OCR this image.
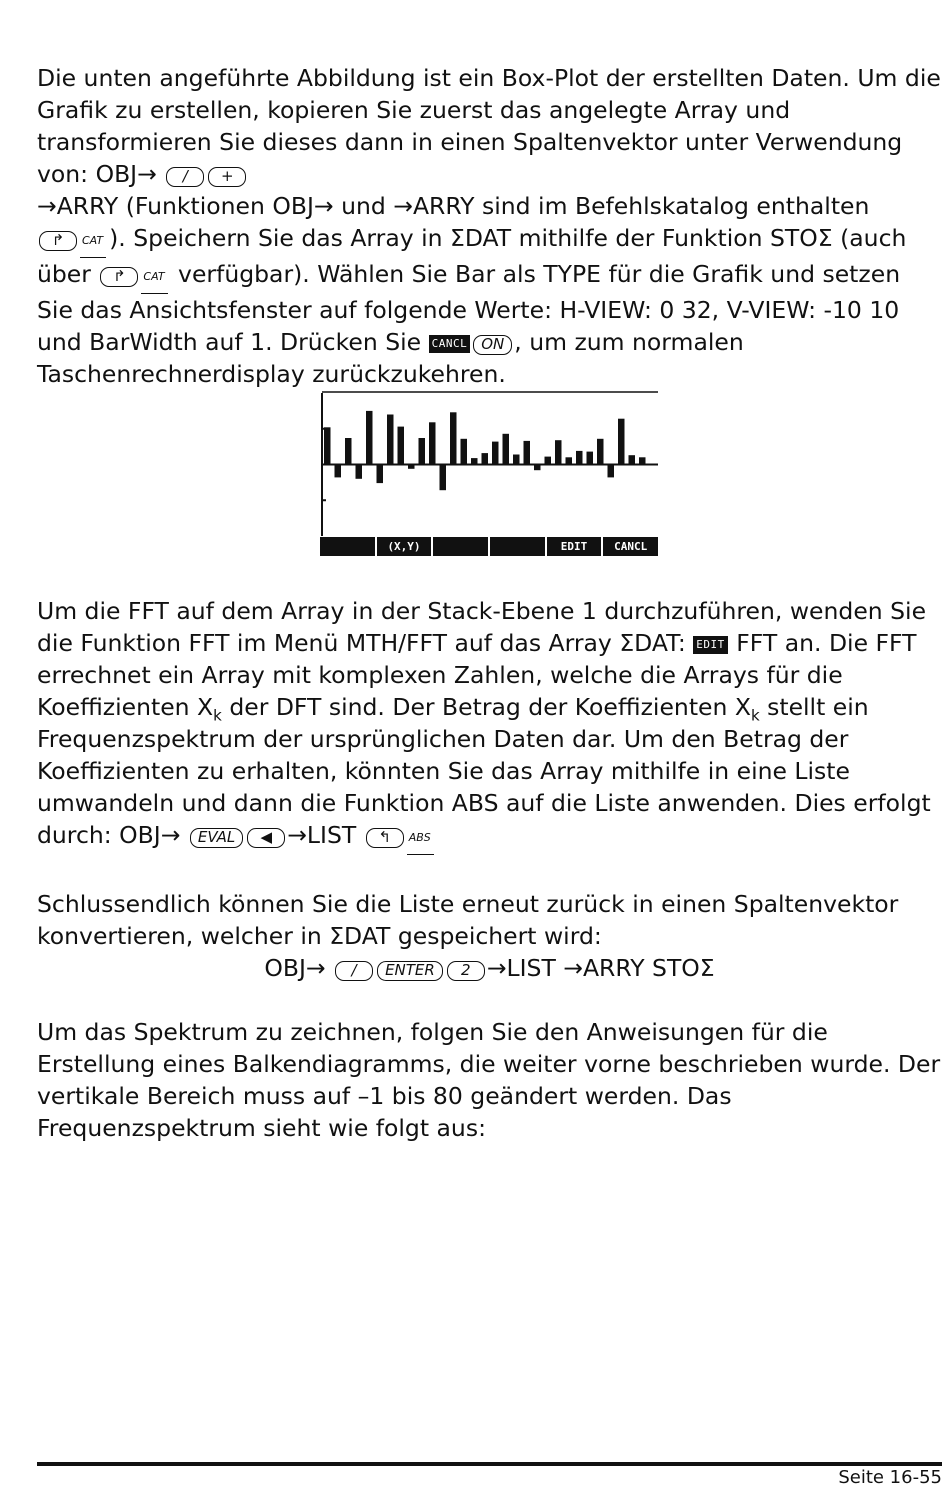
Die unten angeführte Abbildung ist ein Box-Plot der erstellten Daten. Um die Grafik zu erstellen, kopieren Sie zuerst das angelegte Array und transformieren Sie dieses dann in einen Spaltenvektor unter Verwendung von: OBJ→ / +
→ARRY (Funktionen OBJ→ und →ARRY sind im Befehlskatalog enthalten
↱ CAT ). Speichern Sie das Array in ΣDAT mithilfe der Funktion STOΣ (auch über ↱ CAT verfügbar). Wählen Sie Bar als TYPE für die Grafik und setzen Sie das Ansichtsfenster auf folgende Werte: H-VIEW: 0 32, V-VIEW: -10 10 und BarWidth auf 1. Drücken Sie CANCL ON , um zum normalen Taschenrechnerdisplay zurückzukehren.

(X,Y)	EDIT	CANCL

Um die FFT auf dem Array in der Stack-Ebene 1 durchzuführen, wenden Sie die Funktion FFT im Menü MTH/FFT auf das Array ΣDAT: EDIT FFT an. Die FFT errechnet ein Array mit komplexen Zahlen, welche die Arrays für die Koeffizienten $X_k$ der DFT sind. Der Betrag der Koeffizienten $X_k$ stellt ein Frequenzspektrum der ursprünglichen Daten dar. Um den Betrag der Koeffizienten zu erhalten, könnten Sie das Array mithilfe in eine Liste umwandeln und dann die Funktion ABS auf die Liste anwenden. Dies erfolgt durch: OBJ→ EVAL ◀ →LIST ↰ ABS

Schlussendlich können Sie die Liste erneut zurück in einen Spaltenvektor konvertieren, welcher in ΣDAT gespeichert wird:

OBJ→ / ENTER 2 →LIST →ARRY STOΣ

Um das Spektrum zu zeichnen, folgen Sie den Anweisungen für die Erstellung eines Balkendiagramms, die weiter vorne beschrieben wurde. Der vertikale Bereich muss auf –1 bis 80 geändert werden. Das Frequenzspektrum sieht wie folgt aus:

Seite 16-55
